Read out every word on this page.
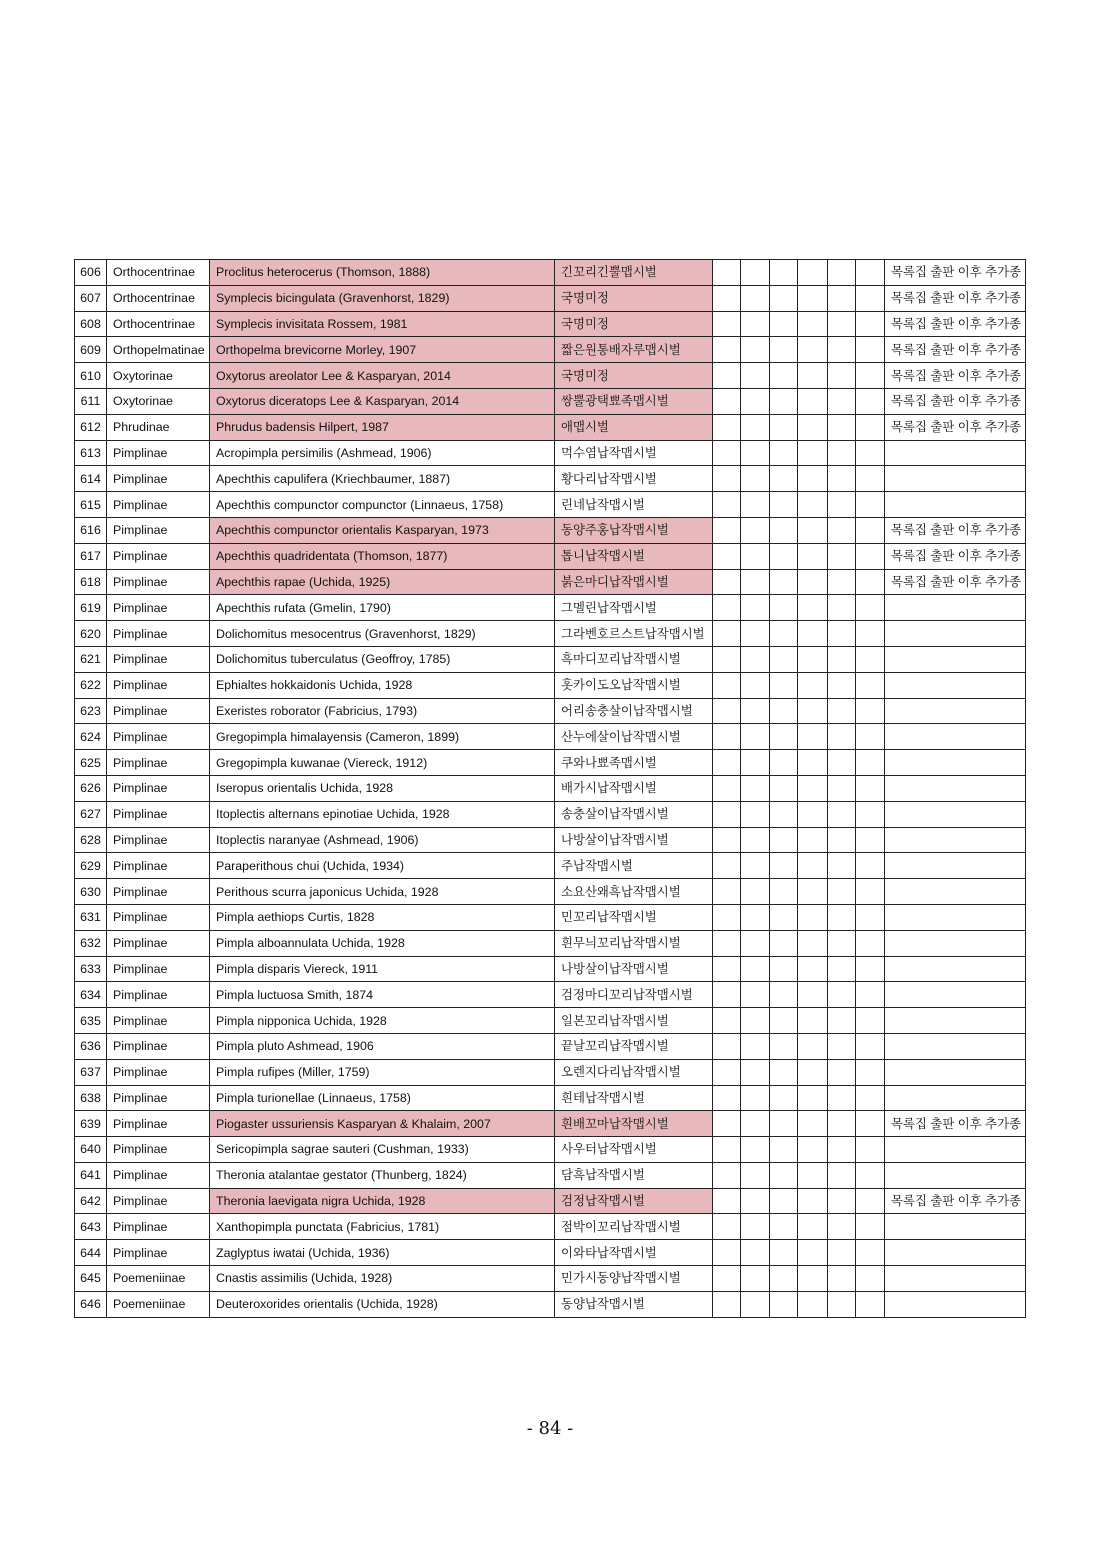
606	Orthocentrinae	Proclitus heterocerus (Thomson, 1888)	긴꼬리긴뿔맵시벌							목록집 출판 이후 추가종
607	Orthocentrinae	Symplecis bicingulata (Gravenhorst, 1829)	국명미정							목록집 출판 이후 추가종
608	Orthocentrinae	Symplecis invisitata Rossem, 1981	국명미정							목록집 출판 이후 추가종
609	Orthopelmatinae	Orthopelma brevicorne Morley, 1907	짧은원통배자루맵시벌							목록집 출판 이후 추가종
610	Oxytorinae	Oxytorus areolator Lee & Kasparyan, 2014	국명미정							목록집 출판 이후 추가종
611	Oxytorinae	Oxytorus diceratops Lee & Kasparyan, 2014	쌍뿔광택뾰족맵시벌							목록집 출판 이후 추가종
612	Phrudinae	Phrudus badensis Hilpert, 1987	애맵시벌							목록집 출판 이후 추가종
613	Pimplinae	Acropimpla persimilis (Ashmead, 1906)	먹수염납작맵시벌							
614	Pimplinae	Apechthis capulifera (Kriechbaumer, 1887)	황다리납작맵시벌							
615	Pimplinae	Apechthis compunctor compunctor (Linnaeus, 1758)	린네납작맵시벌							
616	Pimplinae	Apechthis compunctor orientalis Kasparyan, 1973	동양주홍납작맵시벌							목록집 출판 이후 추가종
617	Pimplinae	Apechthis quadridentata (Thomson, 1877)	톱니납작맵시벌							목록집 출판 이후 추가종
618	Pimplinae	Apechthis rapae (Uchida, 1925)	붉은마디납작맵시벌							목록집 출판 이후 추가종
619	Pimplinae	Apechthis rufata (Gmelin, 1790)	그멜린납작맵시벌							
620	Pimplinae	Dolichomitus mesocentrus (Gravenhorst, 1829)	그라벤호르스트납작맵시벌							
621	Pimplinae	Dolichomitus tuberculatus (Geoffroy, 1785)	흑마디꼬리납작맵시벌							
622	Pimplinae	Ephialtes hokkaidonis Uchida, 1928	홋카이도오납작맵시벌							
623	Pimplinae	Exeristes roborator (Fabricius, 1793)	어리송충살이납작맵시벌							
624	Pimplinae	Gregopimpla himalayensis (Cameron, 1899)	산누에살이납작맵시벌							
625	Pimplinae	Gregopimpla kuwanae (Viereck, 1912)	쿠와나뾰족맵시벌							
626	Pimplinae	Iseropus orientalis Uchida, 1928	배가시납작맵시벌							
627	Pimplinae	Itoplectis alternans epinotiae Uchida, 1928	송충살이납작맵시벌							
628	Pimplinae	Itoplectis naranyae (Ashmead, 1906)	나방살이납작맵시벌							
629	Pimplinae	Paraperithous chui (Uchida, 1934)	주납작맵시벌							
630	Pimplinae	Perithous scurra japonicus Uchida, 1928	소요산왜흑납작맵시벌							
631	Pimplinae	Pimpla aethiops Curtis, 1828	민꼬리납작맵시벌							
632	Pimplinae	Pimpla alboannulata Uchida, 1928	흰무늬꼬리납작맵시벌							
633	Pimplinae	Pimpla disparis Viereck, 1911	나방살이납작맵시벌							
634	Pimplinae	Pimpla luctuosa Smith, 1874	검정마디꼬리납작맵시벌							
635	Pimplinae	Pimpla nipponica Uchida, 1928	일본꼬리납작맵시벌							
636	Pimplinae	Pimpla pluto Ashmead, 1906	끝날꼬리납작맵시벌							
637	Pimplinae	Pimpla rufipes (Miller, 1759)	오렌지다리납작맵시벌							
638	Pimplinae	Pimpla turionellae (Linnaeus, 1758)	흰테납작맵시벌							
639	Pimplinae	Piogaster ussuriensis Kasparyan & Khalaim, 2007	흰배꼬마납작맵시벌							목록집 출판 이후 추가종
640	Pimplinae	Sericopimpla sagrae sauteri (Cushman, 1933)	사우터납작맵시벌							
641	Pimplinae	Theronia atalantae gestator (Thunberg, 1824)	담흑납작맵시벌							
642	Pimplinae	Theronia laevigata nigra Uchida, 1928	검정납작맵시벌							목록집 출판 이후 추가종
643	Pimplinae	Xanthopimpla punctata (Fabricius, 1781)	점박이꼬리납작맵시벌							
644	Pimplinae	Zaglyptus iwatai (Uchida, 1936)	이와타납작맵시벌							
645	Poemeniinae	Cnastis assimilis (Uchida, 1928)	민가시동양납작맵시벌							
646	Poemeniinae	Deuteroxorides orientalis (Uchida, 1928)	동양납작맵시벌							
- 84 -
